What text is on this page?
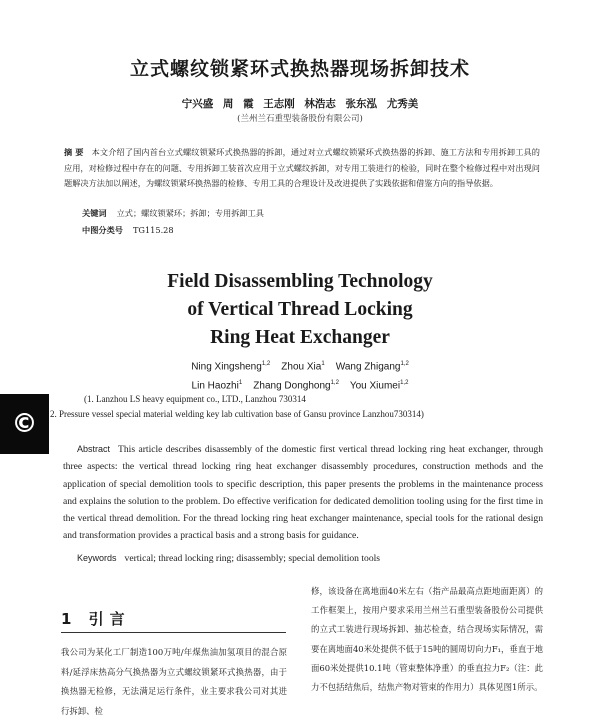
立式螺纹锁紧环式换热器现场拆卸技术
宁兴盛 周 霞 王志刚 林浩志 张东泓 尤秀美
(兰州兰石重型装备股份有限公司)
摘 要 本文介绍了国内首台立式螺纹锁紧环式换热器的拆卸，通过对立式螺纹锁紧环式换热器的拆卸、施工方法和专用拆卸工具的应用，对检修过程中存在的问题、专用拆卸工装首次应用于立式螺纹拆卸，对专用工装进行的检验，同时在整个检修过程中对出现问题解决方法加以阐述，为螺纹锁紧环换热器的检修、专用工具的合理设计及改进提供了实践依据和借鉴方向的指导依据。
关键词 立式；螺纹锁紧环；拆卸；专用拆卸工具
中图分类号 TG115.28
Field Disassembling Technology
of Vertical Thread Locking
Ring Heat Exchanger
Ning Xingsheng$^{1,2}$ Zhou Xia$^1$ Wang Zhigang$^{1,2}$
Lin Haozhi$^1$ Zhang Donghong$^{1,2}$ You Xiumei$^{1,2}$
(1. Lanzhou LS heavy equipment co., LTD., Lanzhou 730314
2. Pressure vessel special material welding key lab cultivation base of Gansu province Lanzhou730314)
©
Abstract This article describes disassembly of the domestic first vertical thread locking ring heat exchanger, through three aspects: the vertical thread locking ring heat exchanger disassembly procedures, construction methods and the application of special demolition tools to specific description, this paper presents the problems in the maintenance process and explains the solution to the problem. Do effective verification for dedicated demolition tooling using for the first time in the vertical thread demolition. For the thread locking ring heat exchanger maintenance, special tools for the rational design and transformation provides a practical basis and a strong basis for guidance.
Keywords vertical; thread locking ring; disassembly; special demolition tools
1 引言
我公司为某化工厂制造100万吨/年煤焦油加氢项目的混合原料/延浮床热高分气换热器为立式螺纹锁紧环式换热器，由于换热器无检修，无法满足运行条件，业主要求我公司对其进行拆卸、检
修，该设备在离地面40米左右（指产品最高点距地面距离）的工作框架上，按用户要求采用兰州兰石重型装备股份公司提供的立式工装进行现场拆卸、抽芯检查，结合现场实际情况，需要在离地面40米处提供不低于15吨的圆周切向力F₁，垂直于地面60米处提供10.1吨（管束整体净重）的垂直拉力F₂（注：此力不包括结焦后，结焦产物对管束的作用力）具体见图1所示。
